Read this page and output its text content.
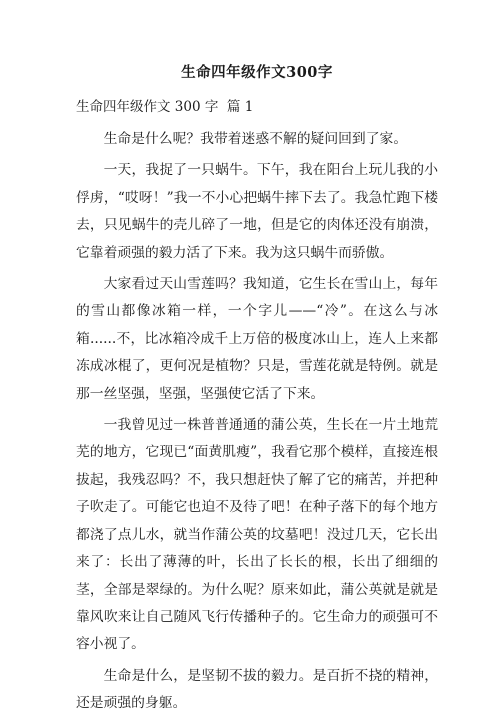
生命四年级作文300字
生命四年级作文 300 字  篇 1

生命是什么呢？我带着迷惑不解的疑问回到了家。

一天，我捉了一只蜗牛。下午，我在阳台上玩儿我的小俘虏，“哎呀！”我一不小心把蜗牛摔下去了。我急忙跑下楼去，只见蜗牛的壳儿碎了一地，但是它的肉体还没有崩溃，它靠着顽强的毅力活了下来。我为这只蜗牛而骄傲。

大家看过天山雪莲吗？我知道，它生长在雪山上，每年的雪山都像冰箱一样，一个字儿——“冷”。在这么与冰箱......不，比冰箱冷成千上万倍的极度冰山上，连人上来都冻成冰棍了，更何况是植物？只是，雪莲花就是特例。就是那一丝坚强，坚强，坚强使它活了下来。

一我曾见过一株普普通通的蒲公英，生长在一片土地荒芜的地方，它现已“面黄肌瘦”，我看它那个模样，直接连根拔起，我残忍吗？不，我只想赶快了解了它的痛苦，并把种子吹走了。可能它也迫不及待了吧！在种子落下的每个地方都浇了点儿水，就当作蒲公英的坟墓吧！没过几天，它长出来了：长出了薄薄的叶，长出了长长的根，长出了细细的茎，全部是翠绿的。为什么呢？原来如此，蒲公英就是就是靠风吹来让自己随风飞行传播种子的。它生命力的顽强可不容小视了。

生命是什么，是坚韧不拔的毅力。是百折不挠的精神，还是顽强的身躯。
